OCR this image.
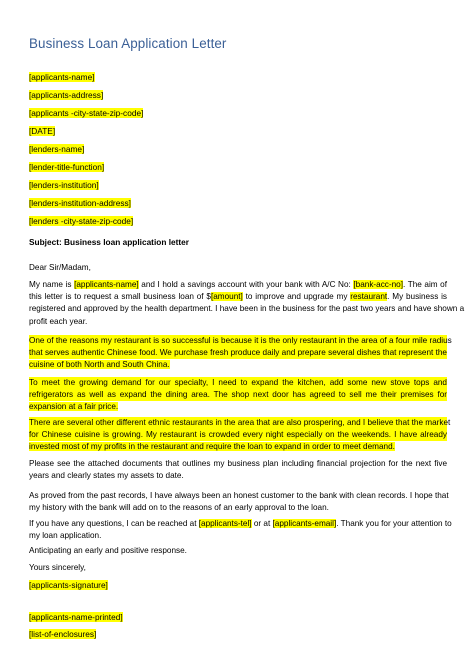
Business Loan Application Letter
[applicants-name]
[applicants-address]
[applicants -city-state-zip-code]
[DATE]
[lenders-name]
[lender-title-function]
[lenders-institution]
[lenders-institution-address]
[lenders -city-state-zip-code]
Subject: Business loan application letter
Dear Sir/Madam,
My name is [applicants-name] and I hold a savings account with your bank with A/C No: [bank-acc-no]. The aim of
this letter is to request a small business loan of $[amount] to improve and upgrade my restaurant. My business is
registered and approved by the health department. I have been in the business for the past two years and have shown a
profit each year.
One of the reasons my restaurant is so successful is because it is the only restaurant in the area of a four mile radius
that serves authentic Chinese food. We purchase fresh produce daily and prepare several dishes that represent the
cuisine of both North and South China.
To meet the growing demand for our specialty, I need to expand the kitchen, add some new stove tops and
refrigerators as well as expand the dining area. The shop next door has agreed to sell me their premises for
expansion at a fair price.
There are several other different ethnic restaurants in the area that are also prospering, and I believe that the market
for Chinese cuisine is growing. My restaurant is crowded every night especially on the weekends. I have already
invested most of my profits in the restaurant and require the loan to expand in order to meet demand.
Please see the attached documents that outlines my business plan including financial projection for the next five
years and clearly states my assets to date.
As proved from the past records, I have always been an honest customer to the bank with clean records. I hope that
my history with the bank will add on to the reasons of an early approval to the loan.
If you have any questions, I can be reached at [applicants-tel] or at [applicants-email]. Thank you for your attention to
my loan application.
Anticipating an early and positive response.
Yours sincerely,
[applicants-signature]
[applicants-name-printed]
[list-of-enclosures]
